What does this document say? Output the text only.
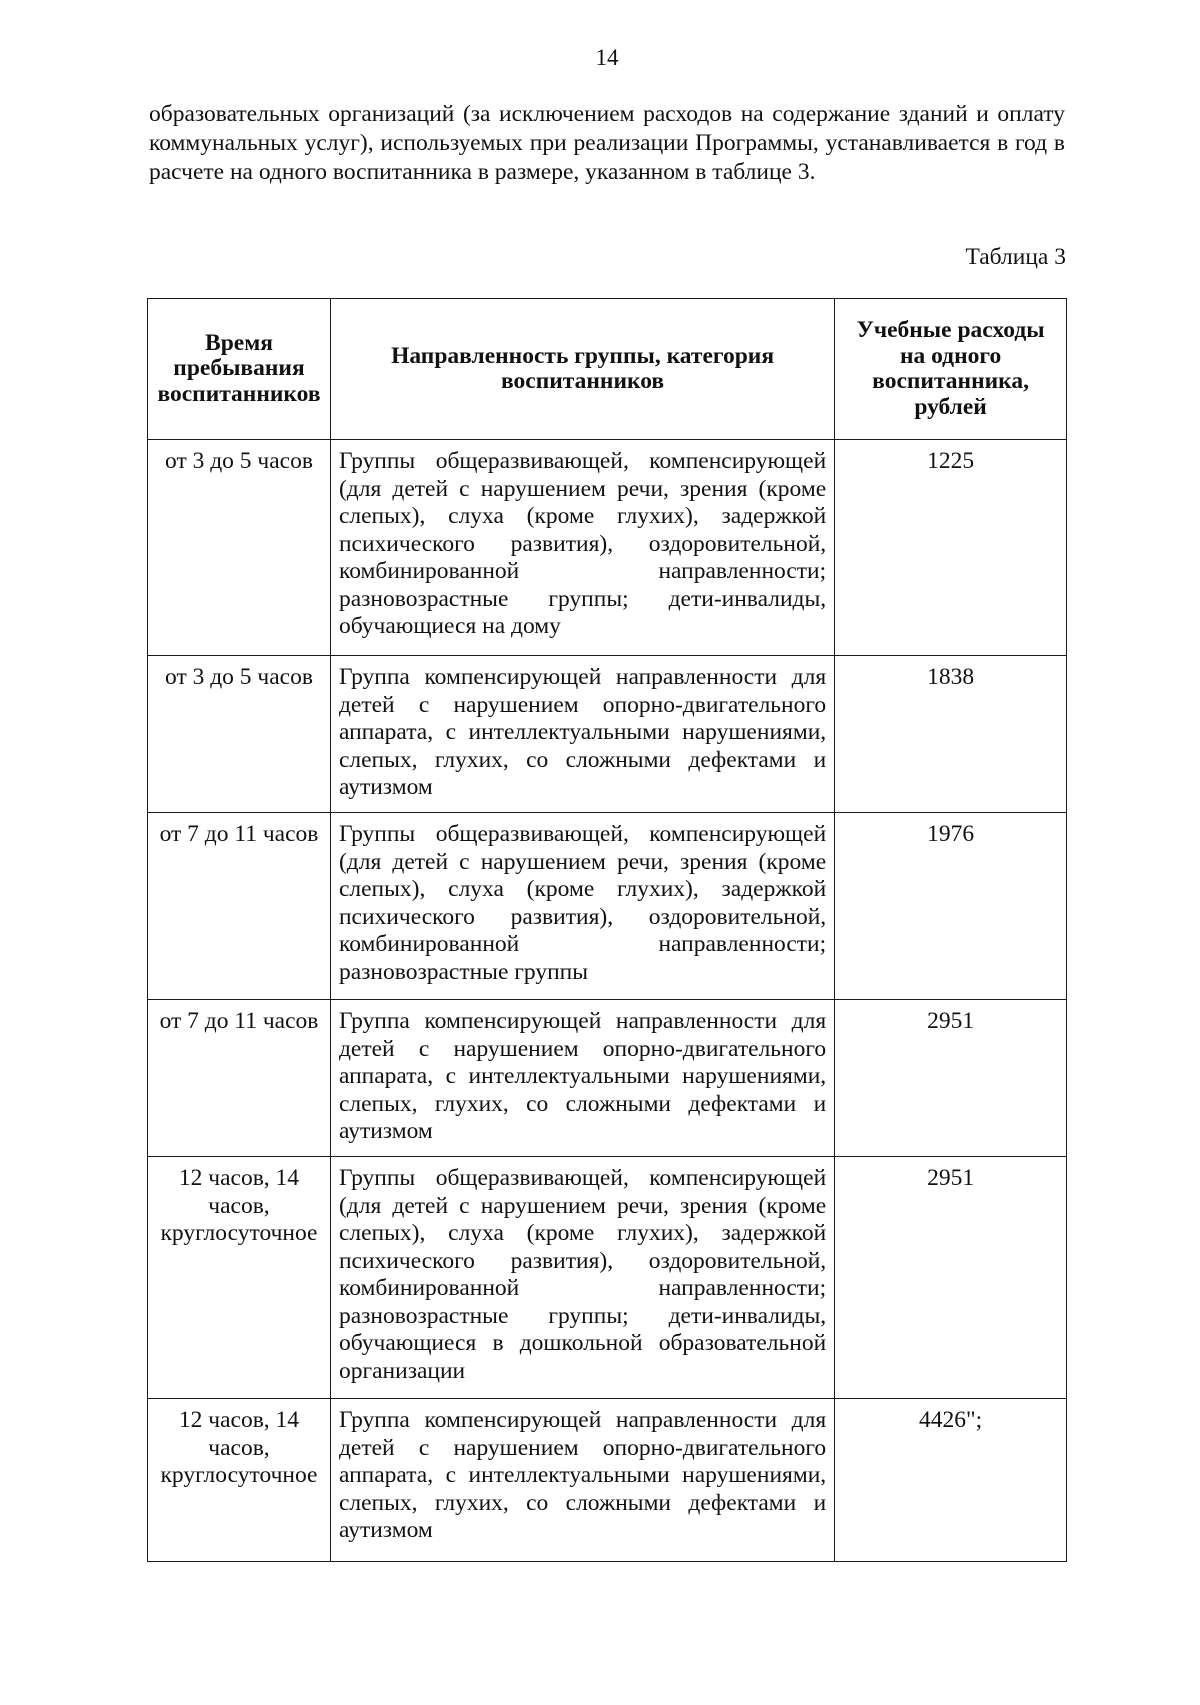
14

образовательных организаций (за исключением расходов на содержание зданий и оплату коммунальных услуг), используемых при реализации Программы, устанавливается в год в расчете на одного воспитанника в размере, указанном в таблице 3.

Таблица 3
Время пребывания воспитанников	Направленность группы, категория воспитанников	Учебные расходы на одного воспитанника, рублей
от 3 до 5 часов	Группы общеразвивающей, компенсирующей (для детей с нарушением речи, зрения (кроме слепых), слуха (кроме глухих), задержкой психического развития), оздоровительной, комбинированной направленности; разновозрастные группы; дети-инвалиды, обучающиеся на дому	1225
от 3 до 5 часов	Группа компенсирующей направленности для детей с нарушением опорно-двигательного аппарата, с интеллектуальными нарушениями, слепых, глухих, со сложными дефектами и аутизмом	1838
от 7 до 11 часов	Группы общеразвивающей, компенсирующей (для детей с нарушением речи, зрения (кроме слепых), слуха (кроме глухих), задержкой психического развития), оздоровительной, комбинированной направленности; разновозрастные группы	1976
от 7 до 11 часов	Группа компенсирующей направленности для детей с нарушением опорно-двигательного аппарата, с интеллектуальными нарушениями, слепых, глухих, со сложными дефектами и аутизмом	2951
12 часов, 14 часов, круглосуточное	Группы общеразвивающей, компенсирующей (для детей с нарушением речи, зрения (кроме слепых), слуха (кроме глухих), задержкой психического развития), оздоровительной, комбинированной направленности; разновозрастные группы; дети-инвалиды, обучающиеся в дошкольной образовательной организации	2951
12 часов, 14 часов, круглосуточное	Группа компенсирующей направленности для детей с нарушением опорно-двигательного аппарата, с интеллектуальными нарушениями, слепых, глухих, со сложными дефектами и аутизмом	4426";
